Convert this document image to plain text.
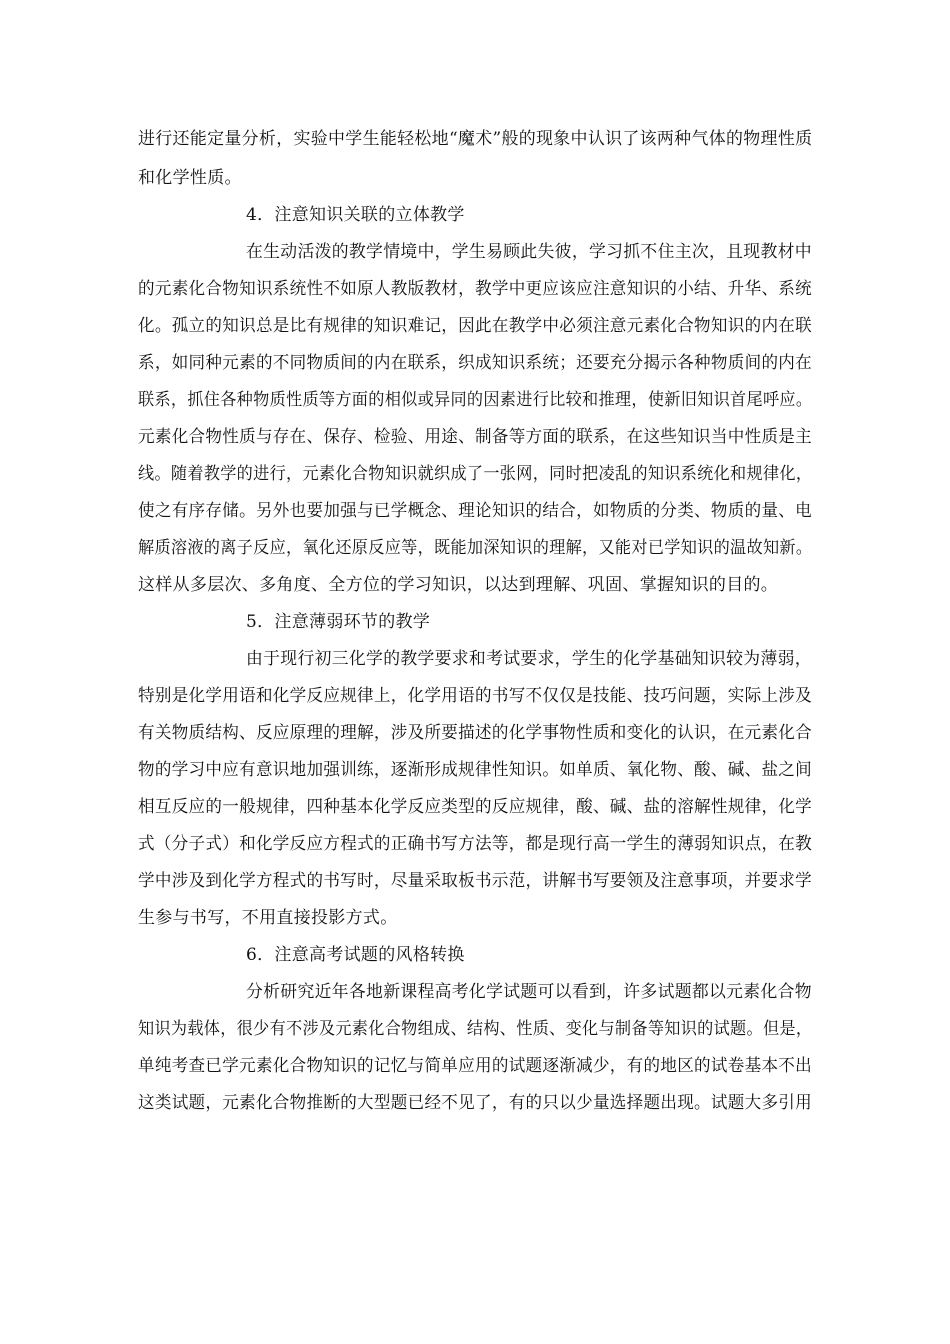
进行还能定量分析，实验中学生能轻松地“魔术”般的现象中认识了该两种气体的物理性质
和化学性质。
4．注意知识关联的立体教学
在生动活泼的教学情境中，学生易顾此失彼，学习抓不住主次，且现教材中
的元素化合物知识系统性不如原人教版教材，教学中更应该应注意知识的小结、升华、系统
化。孤立的知识总是比有规律的知识难记，因此在教学中必须注意元素化合物知识的内在联
系，如同种元素的不同物质间的内在联系，织成知识系统；还要充分揭示各种物质间的内在
联系，抓住各种物质性质等方面的相似或异同的因素进行比较和推理，使新旧知识首尾呼应。
元素化合物性质与存在、保存、检验、用途、制备等方面的联系，在这些知识当中性质是主
线。随着教学的进行，元素化合物知识就织成了一张网，同时把凌乱的知识系统化和规律化，
使之有序存储。另外也要加强与已学概念、理论知识的结合，如物质的分类、物质的量、电
解质溶液的离子反应，氧化还原反应等，既能加深知识的理解，又能对已学知识的温故知新。
这样从多层次、多角度、全方位的学习知识，以达到理解、巩固、掌握知识的目的。
5．注意薄弱环节的教学
由于现行初三化学的教学要求和考试要求，学生的化学基础知识较为薄弱，
特别是化学用语和化学反应规律上，化学用语的书写不仅仅是技能、技巧问题，实际上涉及
有关物质结构、反应原理的理解，涉及所要描述的化学事物性质和变化的认识，在元素化合
物的学习中应有意识地加强训练，逐渐形成规律性知识。如单质、氧化物、酸、碱、盐之间
相互反应的一般规律，四种基本化学反应类型的反应规律，酸、碱、盐的溶解性规律，化学
式（分子式）和化学反应方程式的正确书写方法等，都是现行高一学生的薄弱知识点，在教
学中涉及到化学方程式的书写时，尽量采取板书示范，讲解书写要领及注意事项，并要求学
生参与书写，不用直接投影方式。
6．注意高考试题的风格转换
分析研究近年各地新课程高考化学试题可以看到，许多试题都以元素化合物
知识为载体，很少有不涉及元素化合物组成、结构、性质、变化与制备等知识的试题。但是，
单纯考查已学元素化合物知识的记忆与简单应用的试题逐渐减少，有的地区的试卷基本不出
这类试题，元素化合物推断的大型题已经不见了，有的只以少量选择题出现。试题大多引用
